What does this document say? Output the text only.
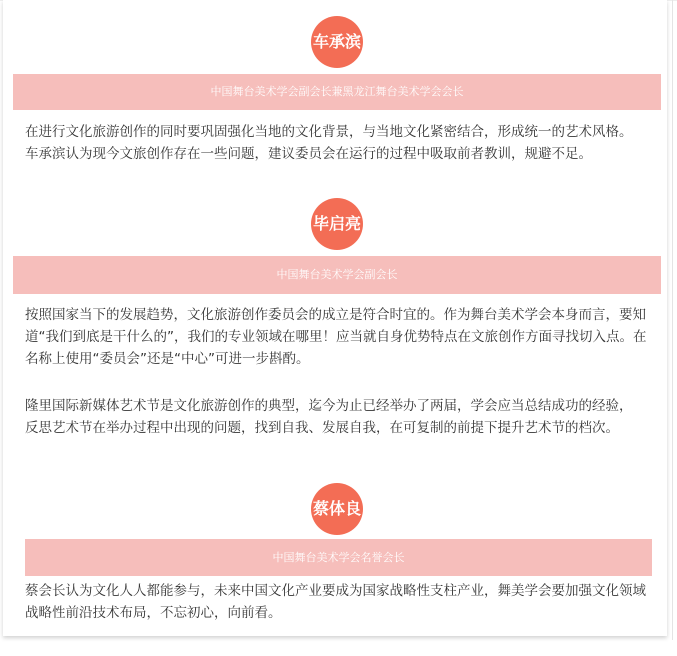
车承滨
中国舞台美术学会副会长兼黑龙江舞台美术学会会长

在进行文化旅游创作的同时要巩固强化当地的文化背景，与当地文化紧密结合，形成统一的艺术风格。车承滨认为现今文旅创作存在一些问题，建议委员会在运行的过程中吸取前者教训，规避不足。

毕启亮
中国舞台美术学会副会长

按照国家当下的发展趋势，文化旅游创作委员会的成立是符合时宜的。作为舞台美术学会本身而言，要知道“我们到底是干什么的”，我们的专业领域在哪里！应当就自身优势特点在文旅创作方面寻找切入点。在名称上使用“委员会”还是“中心”可进一步斟酌。

隆里国际新媒体艺术节是文化旅游创作的典型，迄今为止已经举办了两届，学会应当总结成功的经验，反思艺术节在举办过程中出现的问题，找到自我、发展自我，在可复制的前提下提升艺术节的档次。

蔡体良
中国舞台美术学会名誉会长

蔡会长认为文化人人都能参与，未来中国文化产业要成为国家战略性支柱产业，舞美学会要加强文化领域战略性前沿技术布局，不忘初心，向前看。
